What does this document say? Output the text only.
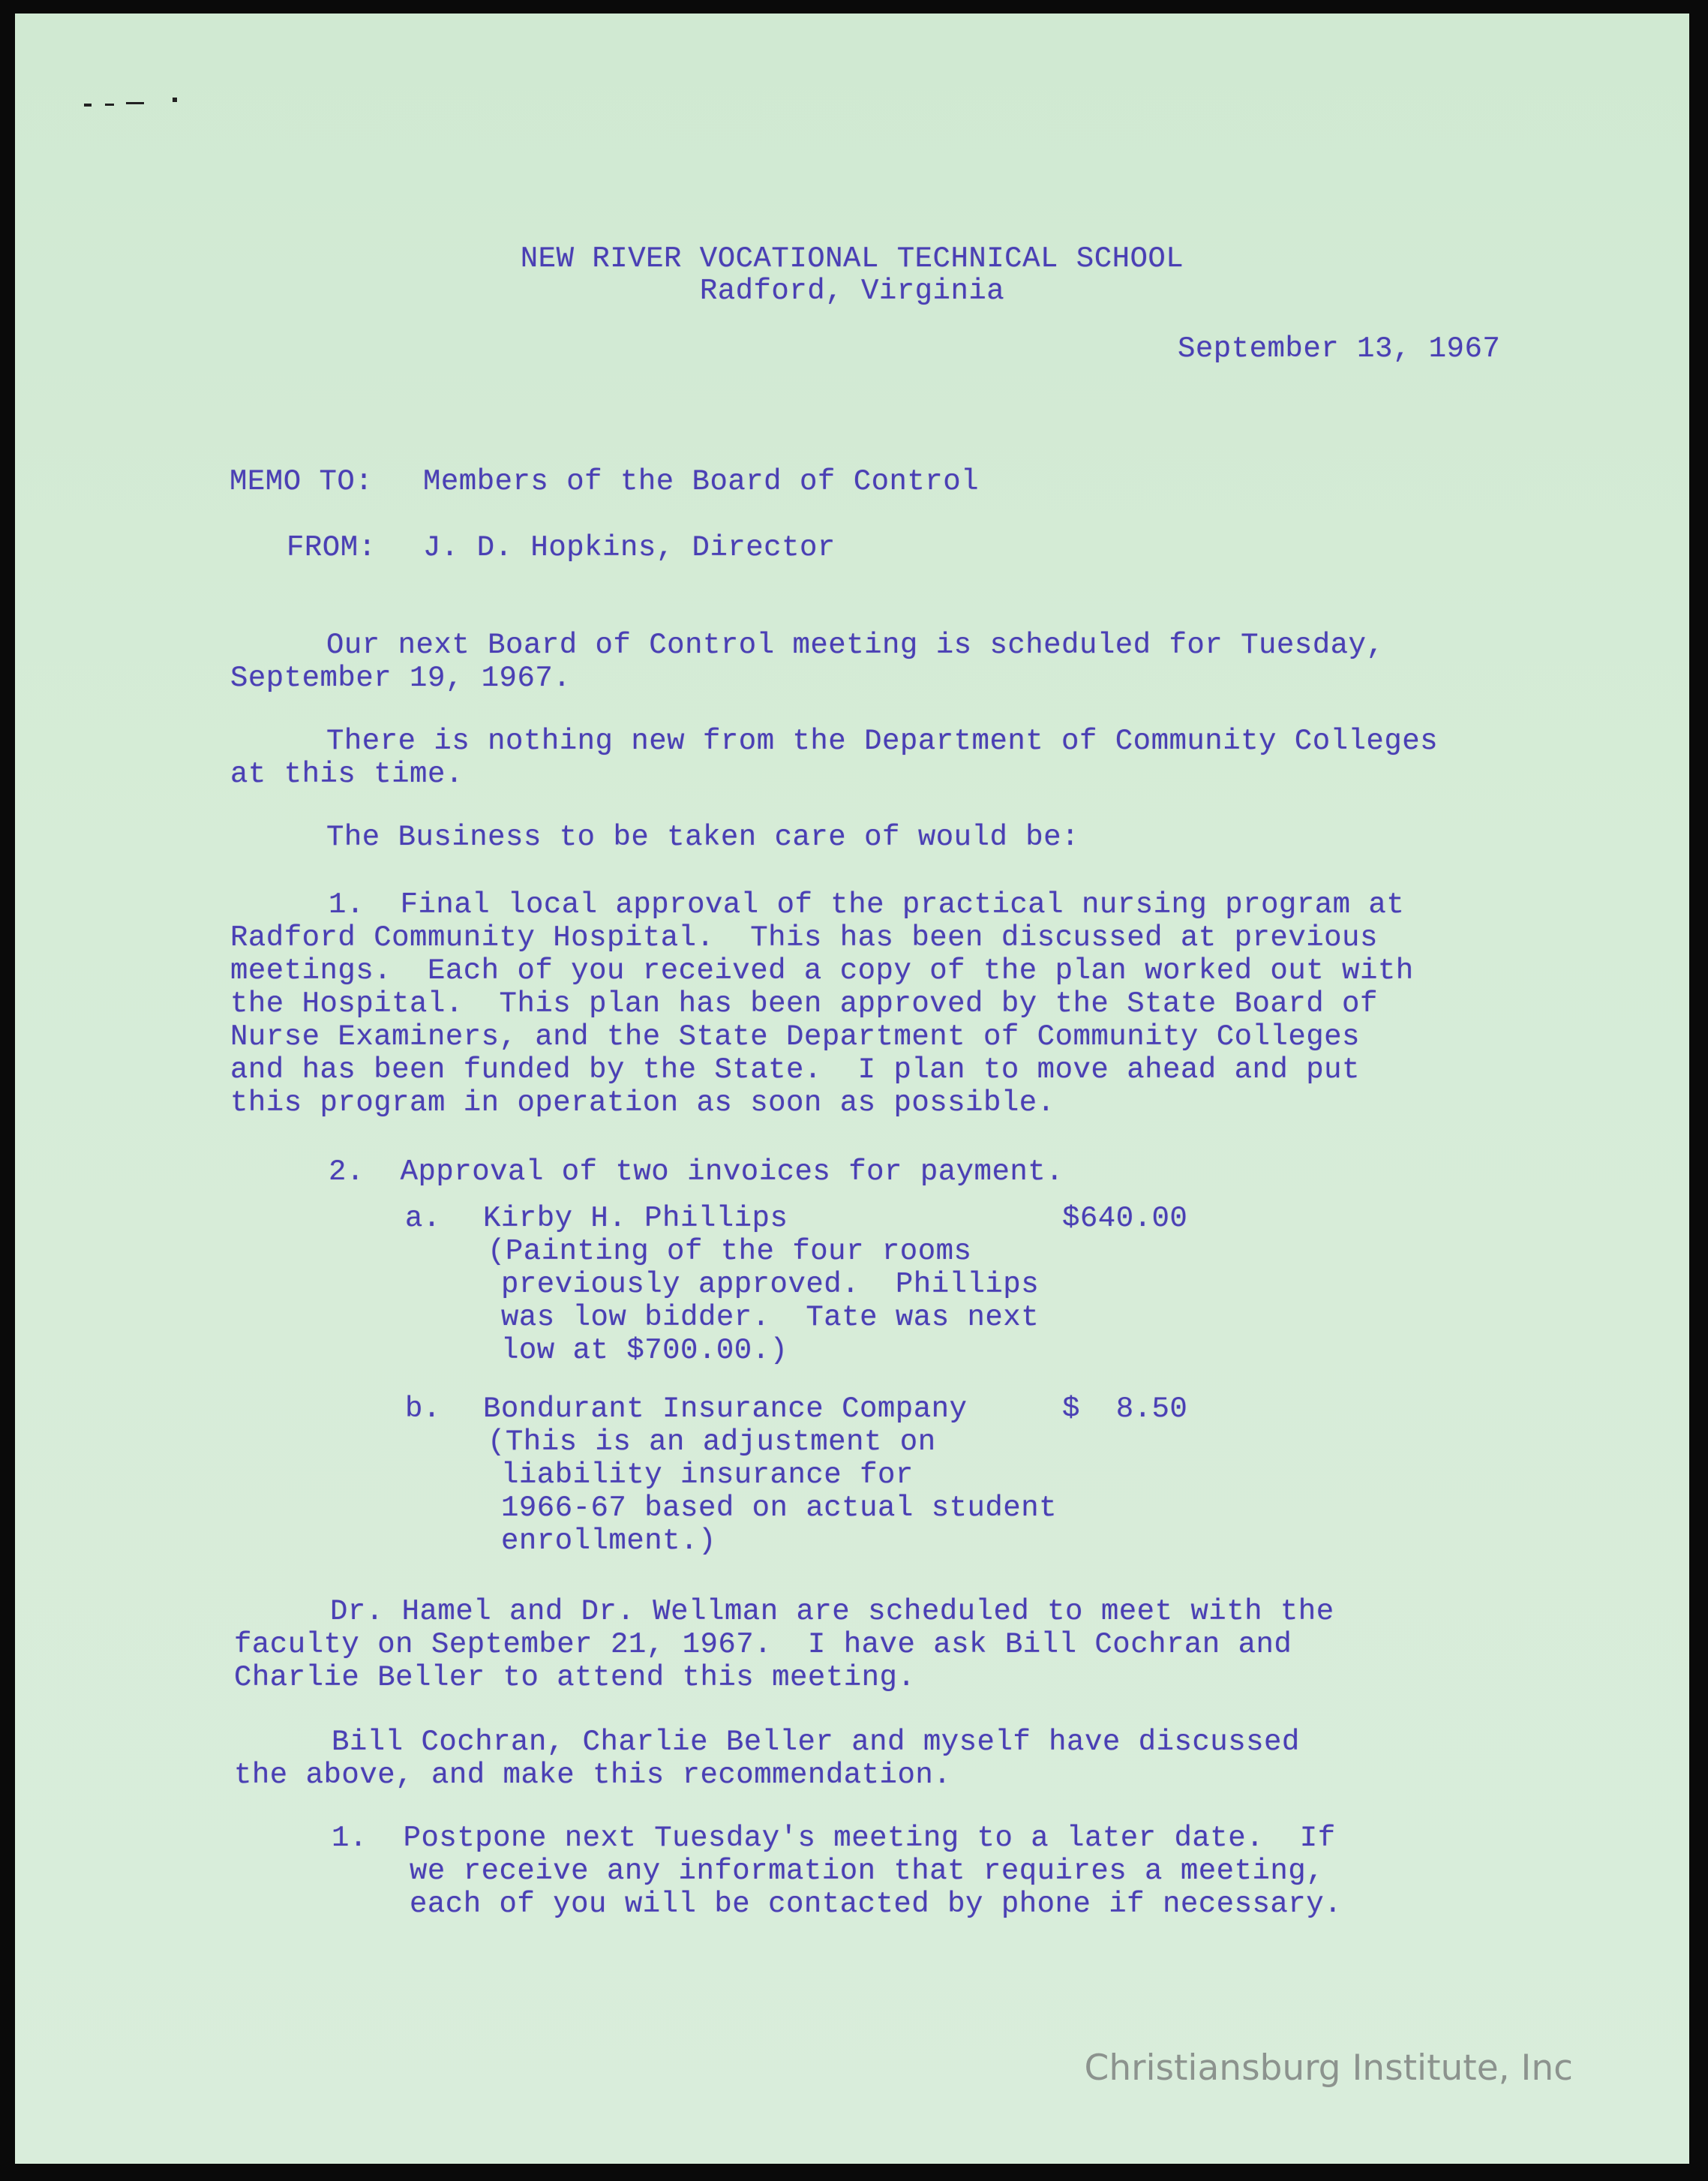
NEW RIVER VOCATIONAL TECHNICAL SCHOOL

Radford, Virginia

September 13, 1967

MEMO TO: Members of the Board of Control

FROM: J. D. Hopkins, Director

Our next Board of Control meeting is scheduled for Tuesday,

September 19, 1967.

There is nothing new from the Department of Community Colleges

at this time.

The Business to be taken care of would be:

1.  Final local approval of the practical nursing program at

Radford Community Hospital.  This has been discussed at previous

meetings.  Each of you received a copy of the plan worked out with

the Hospital.  This plan has been approved by the State Board of

Nurse Examiners, and the State Department of Community Colleges

and has been funded by the State.  I plan to move ahead and put

this program in operation as soon as possible.

2.  Approval of two invoices for payment.

a. Kirby H. Phillips	$640.00

(Painting of the four rooms

previously approved.  Phillips

was low bidder.  Tate was next

low at $700.00.)

b. Bondurant Insurance Company	$  8.50

(This is an adjustment on

liability insurance for

1966-67 based on actual student

enrollment.)

Dr. Hamel and Dr. Wellman are scheduled to meet with the

faculty on September 21, 1967.  I have ask Bill Cochran and

Charlie Beller to attend this meeting.

Bill Cochran, Charlie Beller and myself have discussed

the above, and make this recommendation.

1.  Postpone next Tuesday's meeting to a later date.  If

we receive any information that requires a meeting,

each of you will be contacted by phone if necessary.

Christiansburg Institute, Inc
